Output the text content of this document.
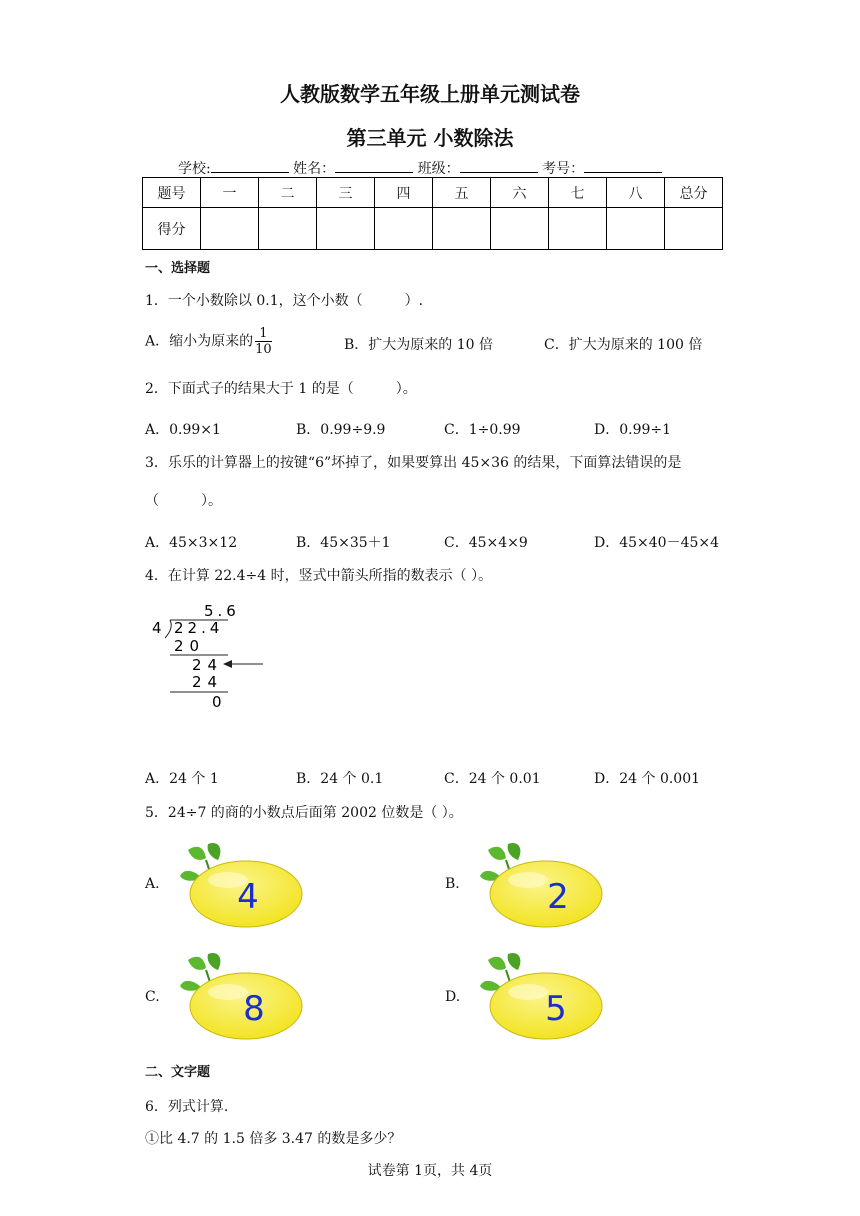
人教版数学五年级上册单元测试卷
第三单元 小数除法
学校:	姓名：	班级：	考号：
题号	一	二	三	四	五	六	七	八	总分
得分									
一、选择题
1．一个小数除以 0.1，这个小数（　　　）.
A．缩小为原来的 $\frac{1}{10}$	B．扩大为原来的 10 倍	C．扩大为原来的 100 倍
2．下面式子的结果大于 1 的是（　　　）。
A．0.99×1	B．0.99÷9.9	C．1÷0.99	D．0.99÷1
3．乐乐的计算器上的按键“6”坏掉了，如果要算出 45×36 的结果，下面算法错误的是
（　　　）。
A．45×3×12	B．45×35＋1	C．45×4×9	D．45×40－45×4
4．在计算 22.4÷4 时，竖式中箭头所指的数表示（ ）。
5.6
4 22.4
20
24
24
0
A．24 个 1	B．24 个 0.1	C．24 个 0.01	D．24 个 0.001
5．24÷7 的商的小数点后面第 2002 位数是（ ）。
A.	B.
C.	D.
4	2
8	5
二、文字题
6．列式计算.
①比 4.7 的 1.5 倍多 3.47 的数是多少？
试卷第 1页，共 4页
